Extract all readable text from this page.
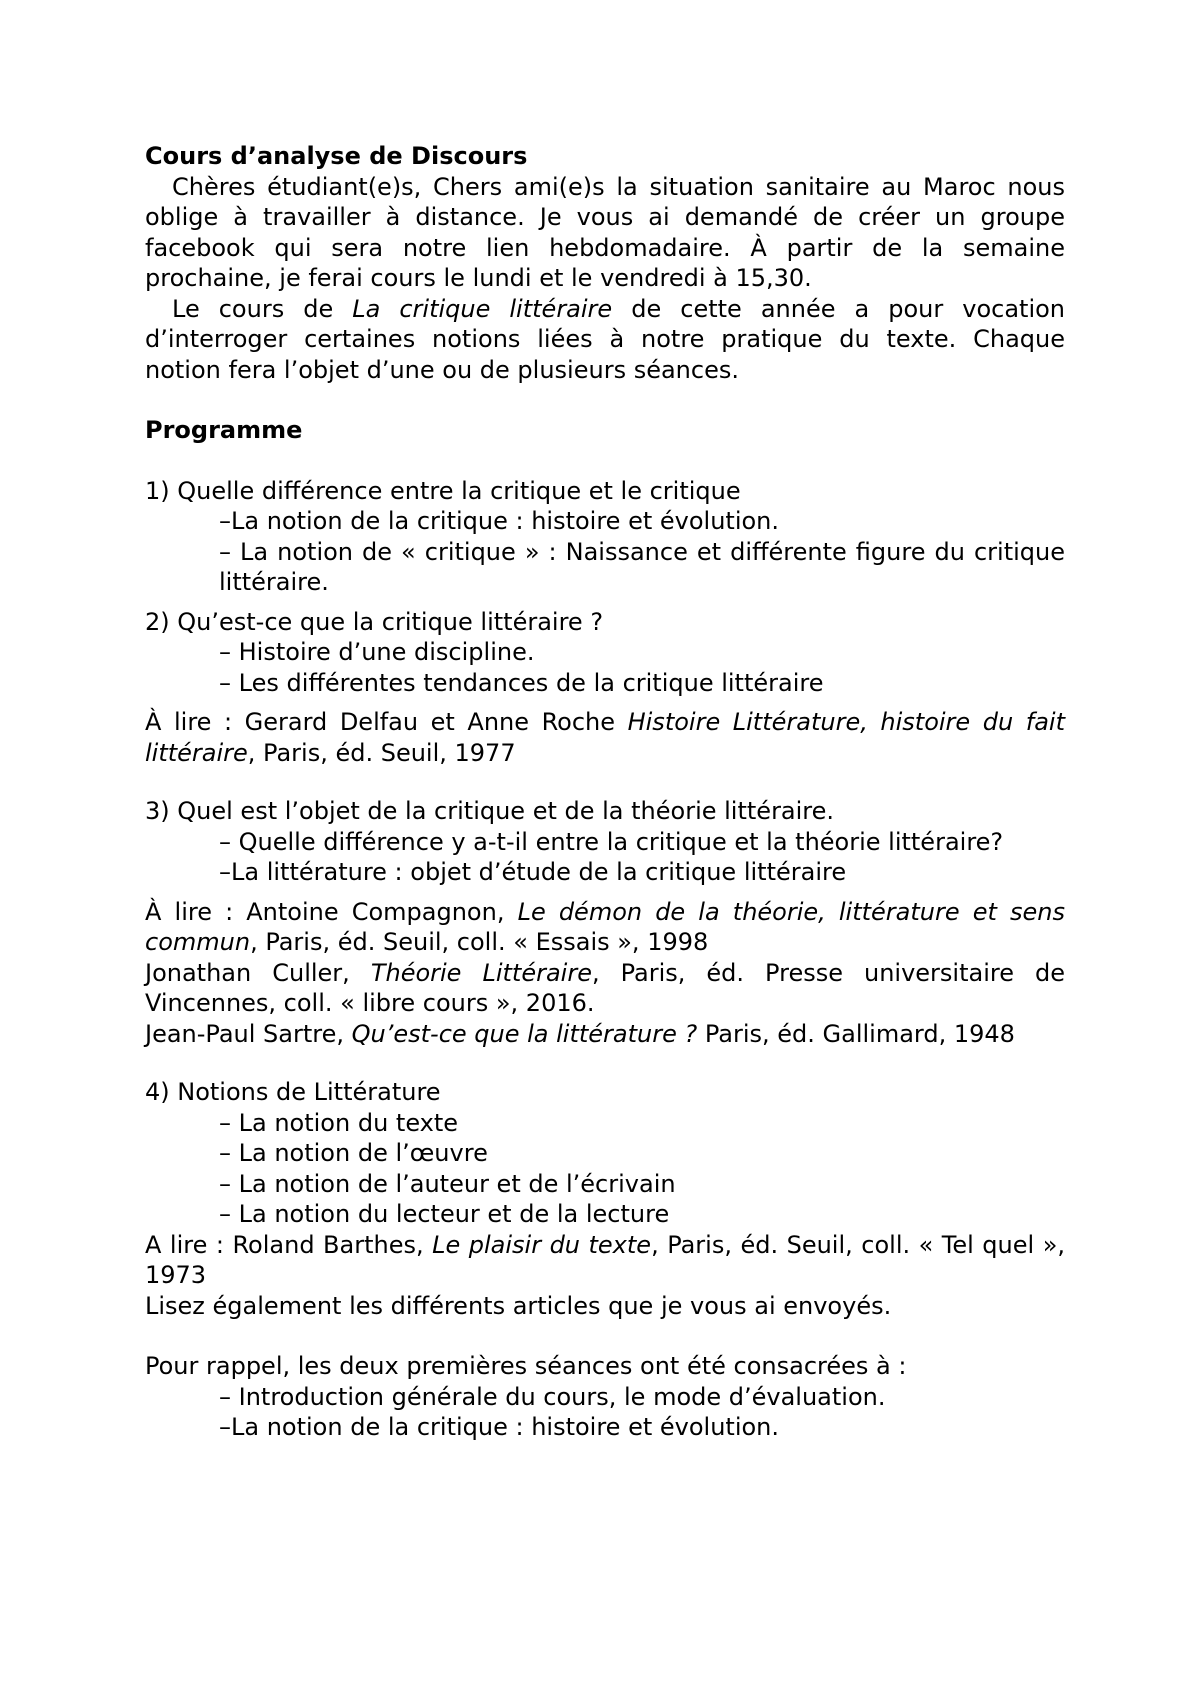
Cours d’analyse de Discours

Chères étudiant(e)s, Chers ami(e)s la situation sanitaire au Maroc nous oblige à travailler à distance. Je vous ai demandé de créer un groupe facebook qui sera notre lien hebdomadaire. À partir de la semaine prochaine, je ferai cours le lundi et le vendredi à 15,30.

Le cours de La critique littéraire de cette année a pour vocation d’interroger certaines notions liées à notre pratique du texte. Chaque notion fera l’objet d’une ou de plusieurs séances.

Programme

1) Quelle différence entre la critique et le critique

–La notion de la critique : histoire et évolution.

– La notion de « critique » : Naissance et différente figure du critique littéraire.

2) Qu’est-ce que la critique littéraire ?

– Histoire d’une discipline.

– Les différentes tendances de la critique littéraire

À lire : Gerard Delfau et Anne Roche Histoire Littérature, histoire du fait littéraire, Paris, éd. Seuil, 1977

3) Quel est l’objet de la critique et de la théorie littéraire.

– Quelle différence y a-t-il entre la critique et la théorie littéraire?

–La littérature : objet d’étude de la critique littéraire

À lire : Antoine Compagnon, Le démon de la théorie, littérature et sens commun, Paris, éd. Seuil, coll. « Essais », 1998

Jonathan Culler, Théorie Littéraire, Paris, éd. Presse universitaire de Vincennes, coll. « libre cours », 2016.

Jean-Paul Sartre, Qu’est-ce que la littérature ? Paris, éd. Gallimard, 1948

4) Notions de Littérature

– La notion du texte

– La notion de l’œuvre

– La notion de l’auteur et de l’écrivain

– La notion du lecteur et de la lecture

A lire : Roland Barthes, Le plaisir du texte, Paris, éd. Seuil, coll. « Tel quel », 1973

Lisez également les différents articles que je vous ai envoyés.

Pour rappel, les deux premières séances ont été consacrées à :

– Introduction générale du cours, le mode d’évaluation.

–La notion de la critique : histoire et évolution.
